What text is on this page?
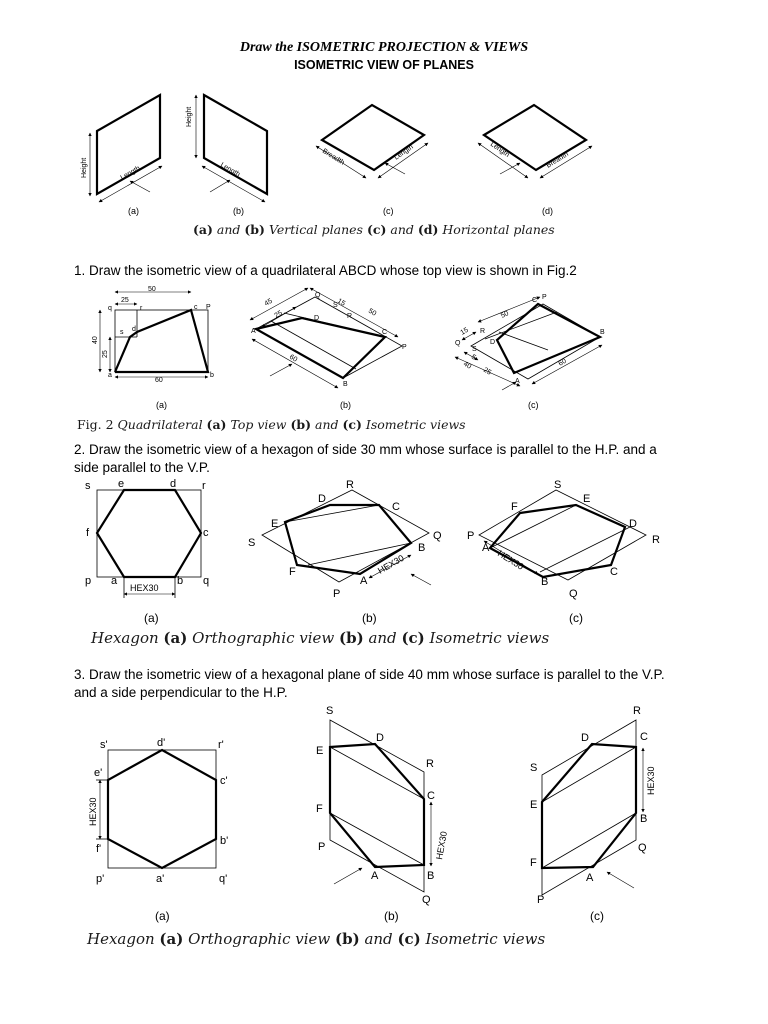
Draw the ISOMETRIC PROJECTION & VIEWS
ISOMETRIC VIEW OF PLANES
Height	Length
Height
Length
Breadth	Length	Length
Breadth
(a)	(b)	(c)	(d)
(a) and (b) Vertical planes (c) and (d) Horizontal planes
1. Draw the isometric view of a quadrilateral ABCD whose top view is shown in Fig.2
50
25
40
25
60
q	r	c P
s d
a	b
45
25
15
50
60
Q
S
D	R
A	C
P
B
15
50
5
40
25
60
C P
R
Q	D
S
A
B
(a)	(b)	(c)
Fig. 2 Quadrilateral (a) Top view (b) and (c) Isometric views
2. Draw the isometric view of a hexagon of side 30 mm whose surface is parallel to the H.P. and a
side parallel to the V.P.
HEX30
s	e	d r
f	c
p a	b q
HEX30
R
D
C
E
S
Q
B
F
A
P
HEX30
S
F
E
P
D
A
R
C
B
Q
(a)	(b)	(c)
Hexagon (a) Orthographic view (b) and (c) Isometric views
3. Draw the isometric view of a hexagonal plane of side 40 mm whose surface is parallel to the V.P.
and a side perpendicular to the H.P.
HEX30
s'	d'	r'
e'
c'
b'
f'
p'	a'	q'
HEX30
S
E
D
R
C
F
P
A	B
Q
HEX30
R
D	C
S
E
B
Q
F
A
P
(a)	(b)	(c)
Hexagon (a) Orthographic view (b) and (c) Isometric views
